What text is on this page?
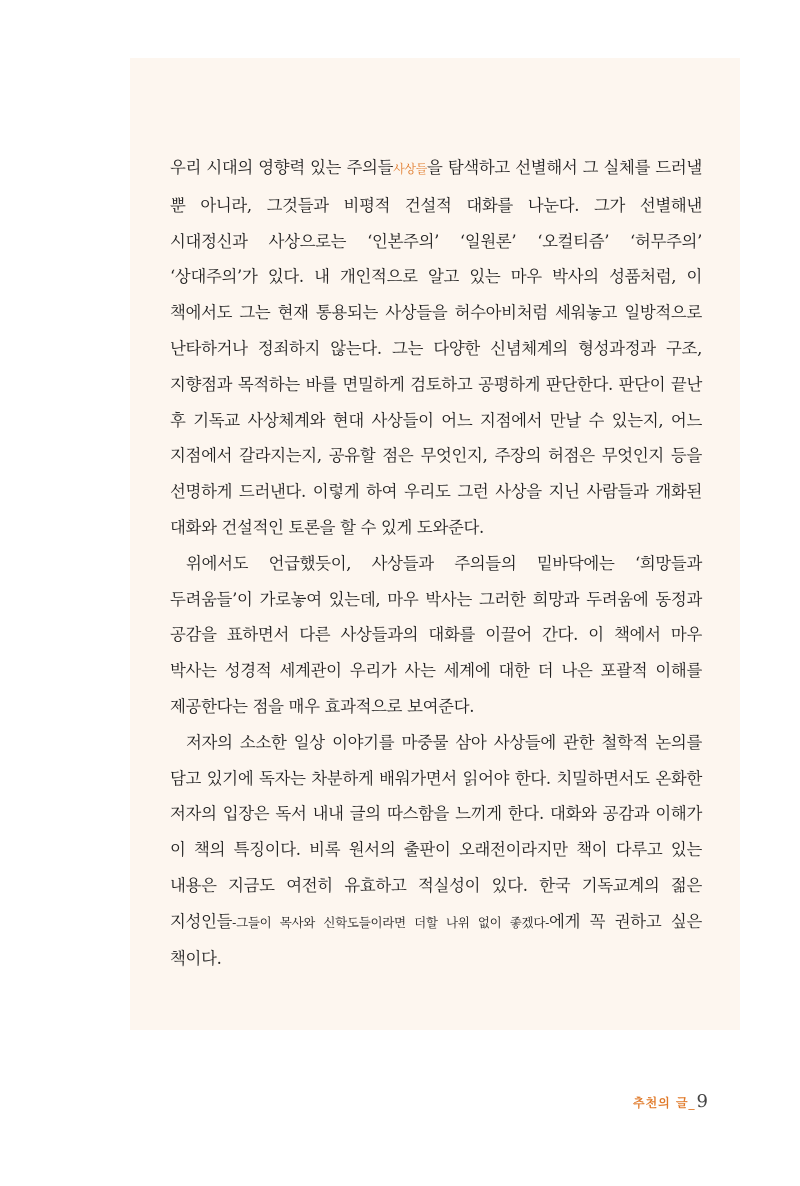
우리 시대의 영향력 있는 주의들사상들을 탐색하고 선별해서 그 실체를 드러낼 뿐 아니라, 그것들과 비평적 건설적 대화를 나눈다. 그가 선별해낸 시대정신과 사상으로는 ‘인본주의’ ‘일원론’ ‘오컬티즘’ ‘허무주의’ ‘상대주의’가 있다. 내 개인적으로 알고 있는 마우 박사의 성품처럼, 이 책에서도 그는 현재 통용되는 사상들을 허수아비처럼 세워놓고 일방적으로 난타하거나 정죄하지 않는다. 그는 다양한 신념체계의 형성과정과 구조, 지향점과 목적하는 바를 면밀하게 검토하고 공평하게 판단한다. 판단이 끝난 후 기독교 사상체계와 현대 사상들이 어느 지점에서 만날 수 있는지, 어느 지점에서 갈라지는지, 공유할 점은 무엇인지, 주장의 허점은 무엇인지 등을 선명하게 드러낸다. 이렇게 하여 우리도 그런 사상을 지닌 사람들과 개화된 대화와 건설적인 토론을 할 수 있게 도와준다.

위에서도 언급했듯이, 사상들과 주의들의 밑바닥에는 ‘희망들과 두려움들’이 가로놓여 있는데, 마우 박사는 그러한 희망과 두려움에 동정과 공감을 표하면서 다른 사상들과의 대화를 이끌어 간다. 이 책에서 마우 박사는 성경적 세계관이 우리가 사는 세계에 대한 더 나은 포괄적 이해를 제공한다는 점을 매우 효과적으로 보여준다.

저자의 소소한 일상 이야기를 마중물 삼아 사상들에 관한 철학적 논의를 담고 있기에 독자는 차분하게 배워가면서 읽어야 한다. 치밀하면서도 온화한 저자의 입장은 독서 내내 글의 따스함을 느끼게 한다. 대화와 공감과 이해가 이 책의 특징이다. 비록 원서의 출판이 오래전이라지만 책이 다루고 있는 내용은 지금도 여전히 유효하고 적실성이 있다. 한국 기독교계의 젊은 지성인들-그들이 목사와 신학도들이라면 더할 나위 없이 좋겠다-에게 꼭 권하고 싶은 책이다.

추천의 글_ 9
